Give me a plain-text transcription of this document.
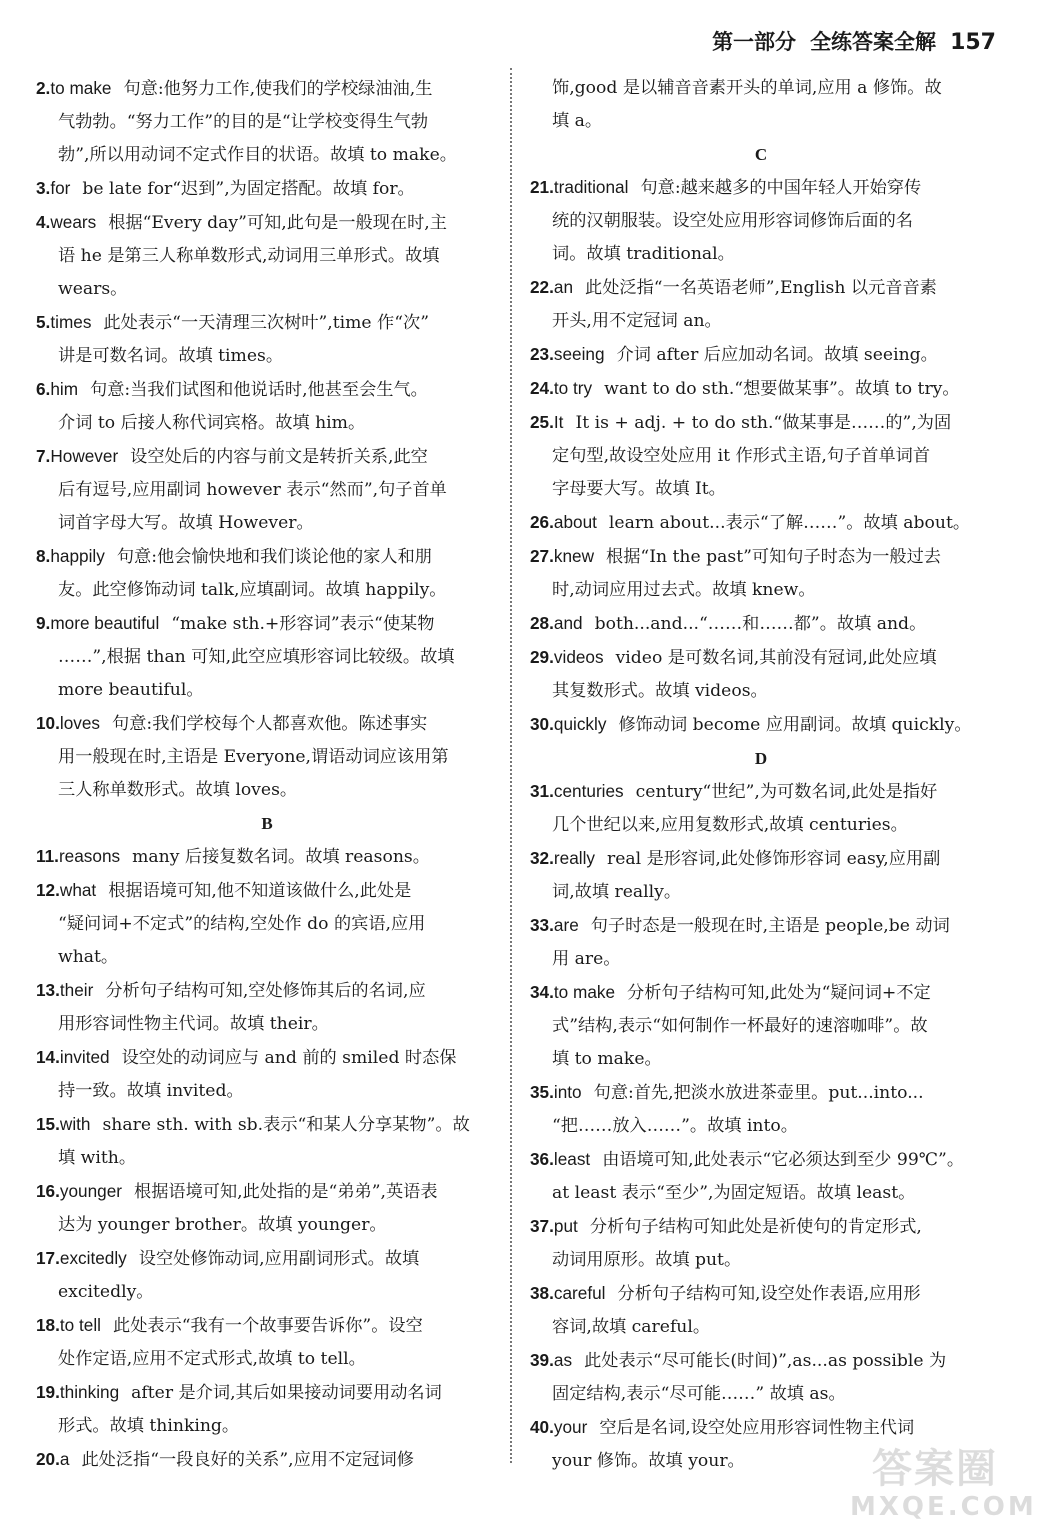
第一部分 全练答案全解 157

2.to make 句意:他努力工作,使我们的学校绿油油,生

气勃勃。“努力工作”的目的是“让学校变得生气勃

勃”,所以用动词不定式作目的状语。故填 to make。

3.for be late for“迟到”,为固定搭配。故填 for。

4.wears 根据“Every day”可知,此句是一般现在时,主

语 he 是第三人称单数形式,动词用三单形式。故填

wears。

5.times 此处表示“一天清理三次树叶”,time 作“次”

讲是可数名词。故填 times。

6.him 句意:当我们试图和他说话时,他甚至会生气。

介词 to 后接人称代词宾格。故填 him。

7.However 设空处后的内容与前文是转折关系,此空

后有逗号,应用副词 however 表示“然而”,句子首单

词首字母大写。故填 However。

8.happily 句意:他会愉快地和我们谈论他的家人和朋

友。此空修饰动词 talk,应填副词。故填 happily。

9.more beautiful “make sth.+形容词”表示“使某物

……”,根据 than 可知,此空应填形容词比较级。故填

more beautiful。

10.loves 句意:我们学校每个人都喜欢他。陈述事实

用一般现在时,主语是 Everyone,谓语动词应该用第

三人称单数形式。故填 loves。

B

11.reasons many 后接复数名词。故填 reasons。

12.what 根据语境可知,他不知道该做什么,此处是

“疑问词+不定式”的结构,空处作 do 的宾语,应用

what。

13.their 分析句子结构可知,空处修饰其后的名词,应

用形容词性物主代词。故填 their。

14.invited 设空处的动词应与 and 前的 smiled 时态保

持一致。故填 invited。

15.with share sth. with sb.表示“和某人分享某物”。故

填 with。

16.younger 根据语境可知,此处指的是“弟弟”,英语表

达为 younger brother。故填 younger。

17.excitedly 设空处修饰动词,应用副词形式。故填

excitedly。

18.to tell 此处表示“我有一个故事要告诉你”。设空

处作定语,应用不定式形式,故填 to tell。

19.thinking after 是介词,其后如果接动词要用动名词

形式。故填 thinking。

20.a 此处泛指“一段良好的关系”,应用不定冠词修

饰,good 是以辅音音素开头的单词,应用 a 修饰。故

填 a。

C

21.traditional 句意:越来越多的中国年轻人开始穿传

统的汉朝服装。设空处应用形容词修饰后面的名

词。故填 traditional。

22.an 此处泛指“一名英语老师”,English 以元音音素

开头,用不定冠词 an。

23.seeing 介词 after 后应加动名词。故填 seeing。

24.to try want to do sth.“想要做某事”。故填 to try。

25.It It is + adj. + to do sth.“做某事是……的”,为固

定句型,故设空处应用 it 作形式主语,句子首单词首

字母要大写。故填 It。

26.about learn about...表示“了解……”。故填 about。

27.knew 根据“In the past”可知句子时态为一般过去

时,动词应用过去式。故填 knew。

28.and both...and...“……和……都”。故填 and。

29.videos video 是可数名词,其前没有冠词,此处应填

其复数形式。故填 videos。

30.quickly 修饰动词 become 应用副词。故填 quickly。

D

31.centuries century“世纪”,为可数名词,此处是指好

几个世纪以来,应用复数形式,故填 centuries。

32.really real 是形容词,此处修饰形容词 easy,应用副

词,故填 really。

33.are 句子时态是一般现在时,主语是 people,be 动词

用 are。

34.to make 分析句子结构可知,此处为“疑问词+不定

式”结构,表示“如何制作一杯最好的速溶咖啡”。故

填 to make。

35.into 句意:首先,把淡水放进茶壶里。put...into...

“把……放入……”。故填 into。

36.least 由语境可知,此处表示“它必须达到至少 99℃”。

at least 表示“至少”,为固定短语。故填 least。

37.put 分析句子结构可知此处是祈使句的肯定形式,

动词用原形。故填 put。

38.careful 分析句子结构可知,设空处作表语,应用形

容词,故填 careful。

39.as 此处表示“尽可能长(时间)”,as...as possible 为

固定结构,表示“尽可能……” 故填 as。

40.your 空后是名词,设空处应用形容词性物主代词

your 修饰。故填 your。	答案圈
MXQE.COM
